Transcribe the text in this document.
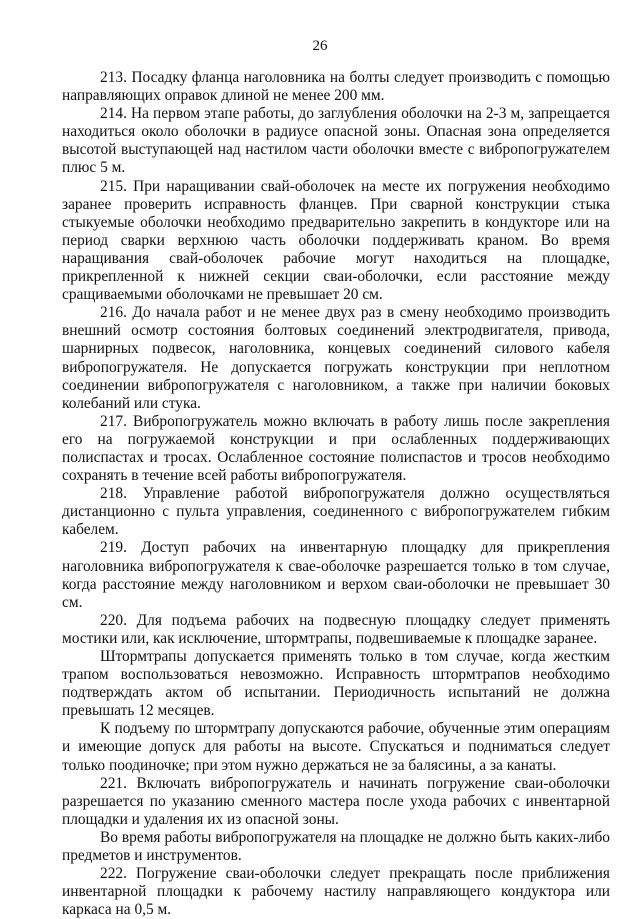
26

213. Посадку фланца наголовника на болты следует производить с помощью направляющих оправок длиной не менее 200 мм.

214. На первом этапе работы, до заглубления оболочки на 2-3 м, запрещается находиться около оболочки в радиусе опасной зоны. Опасная зона определяется высотой выступающей над настилом части оболочки вместе с вибропогружателем плюс 5 м.

215. При наращивании свай-оболочек на месте их погружения необходимо заранее проверить исправность фланцев. При сварной конструкции стыка стыкуемые оболочки необходимо предварительно закрепить в кондукторе или на период сварки верхнюю часть оболочки поддерживать краном. Во время наращивания свай-оболочек рабочие могут находиться на площадке, прикрепленной к нижней секции сваи-оболочки, если расстояние между сращиваемыми оболочками не превышает 20 см.

216. До начала работ и не менее двух раз в смену необходимо производить внешний осмотр состояния болтовых соединений электродвигателя, привода, шарнирных подвесок, наголовника, концевых соединений силового кабеля вибропогружателя. Не допускается погружать конструкции при неплотном соединении вибропогружателя с наголовником, а также при наличии боковых колебаний или стука.

217. Вибропогружатель можно включать в работу лишь после закрепления его на погружаемой конструкции и при ослабленных поддерживающих полиспастах и тросах. Ослабленное состояние полиспастов и тросов необходимо сохранять в течение всей работы вибропогружателя.

218. Управление работой вибропогружателя должно осуществляться дистанционно с пульта управления, соединенного с вибропогружателем гибким кабелем.

219. Доступ рабочих на инвентарную площадку для прикрепления наголовника вибропогружателя к свае-оболочке разрешается только в том случае, когда расстояние между наголовником и верхом сваи-оболочки не превышает 30 см.

220. Для подъема рабочих на подвесную площадку следует применять мостики или, как исключение, штормтрапы, подвешиваемые к площадке заранее.

Штормтрапы допускается применять только в том случае, когда жестким трапом воспользоваться невозможно. Исправность штормтрапов необходимо подтверждать актом об испытании. Периодичность испытаний не должна превышать 12 месяцев.

К подъему по штормтрапу допускаются рабочие, обученные этим операциям и имеющие допуск для работы на высоте. Спускаться и подниматься следует только поодиночке; при этом нужно держаться не за балясины, а за канаты.

221. Включать вибропогружатель и начинать погружение сваи-оболочки разрешается по указанию сменного мастера после ухода рабочих с инвентарной площадки и удаления их из опасной зоны.

Во время работы вибропогружателя на площадке не должно быть каких-либо предметов и инструментов.

222. Погружение сваи-оболочки следует прекращать после приближения инвентарной площадки к рабочему настилу направляющего кондуктора или каркаса на 0,5 м.
